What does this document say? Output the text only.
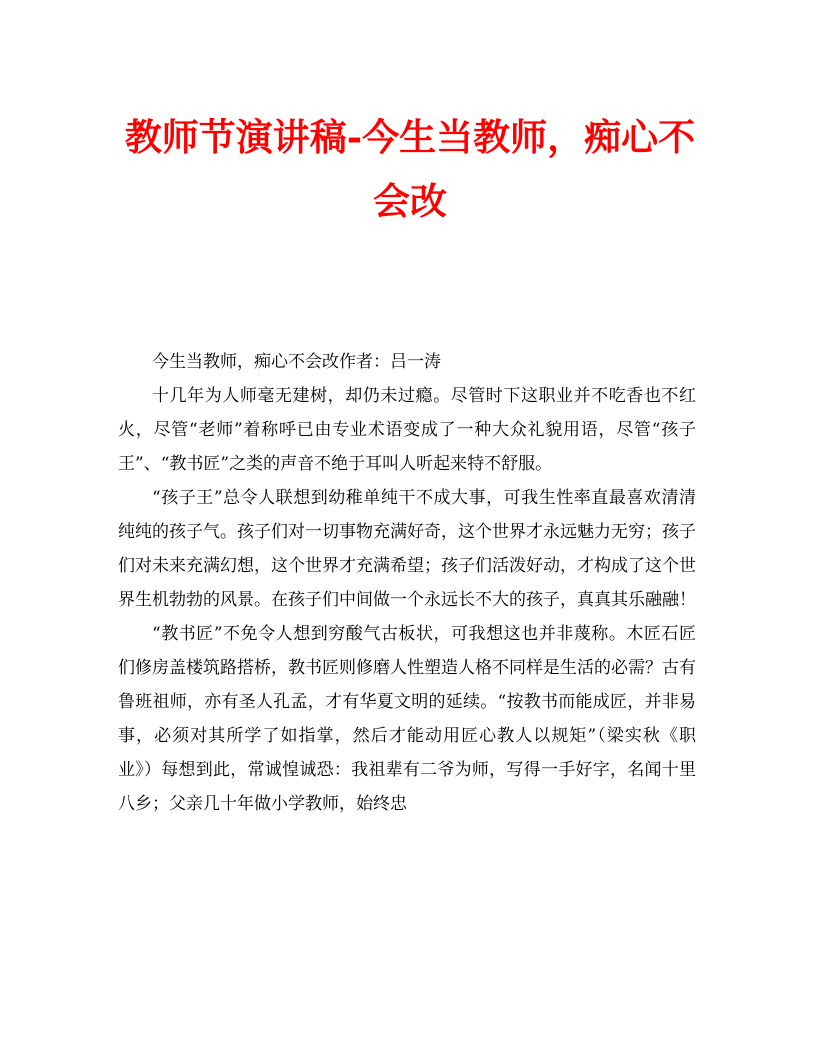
教师节演讲稿-今生当教师，痴心不会改

今生当教师，痴心不会改作者：吕一涛

十几年为人师毫无建树，却仍未过瘾。尽管时下这职业并不吃香也不红火，尽管“老师”着称呼已由专业术语变成了一种大众礼貌用语，尽管“孩子王”、“教书匠”之类的声音不绝于耳叫人听起来特不舒服。

“孩子王”总令人联想到幼稚单纯干不成大事，可我生性率直最喜欢清清纯纯的孩子气。孩子们对一切事物充满好奇，这个世界才永远魅力无穷；孩子们对未来充满幻想，这个世界才充满希望；孩子们活泼好动，才构成了这个世界生机勃勃的风景。在孩子们中间做一个永远长不大的孩子，真真其乐融融！

“教书匠”不免令人想到穷酸气古板状，可我想这也并非蔑称。木匠石匠们修房盖楼筑路搭桥，教书匠则修磨人性塑造人格不同样是生活的必需？古有鲁班祖师，亦有圣人孔孟，才有华夏文明的延续。“按教书而能成匠，并非易事，必须对其所学了如指掌，然后才能动用匠心教人以规矩”（梁实秋《职业》）每想到此，常诚惶诚恐：我祖辈有二爷为师，写得一手好字，名闻十里八乡；父亲几十年做小学教师，始终忠
